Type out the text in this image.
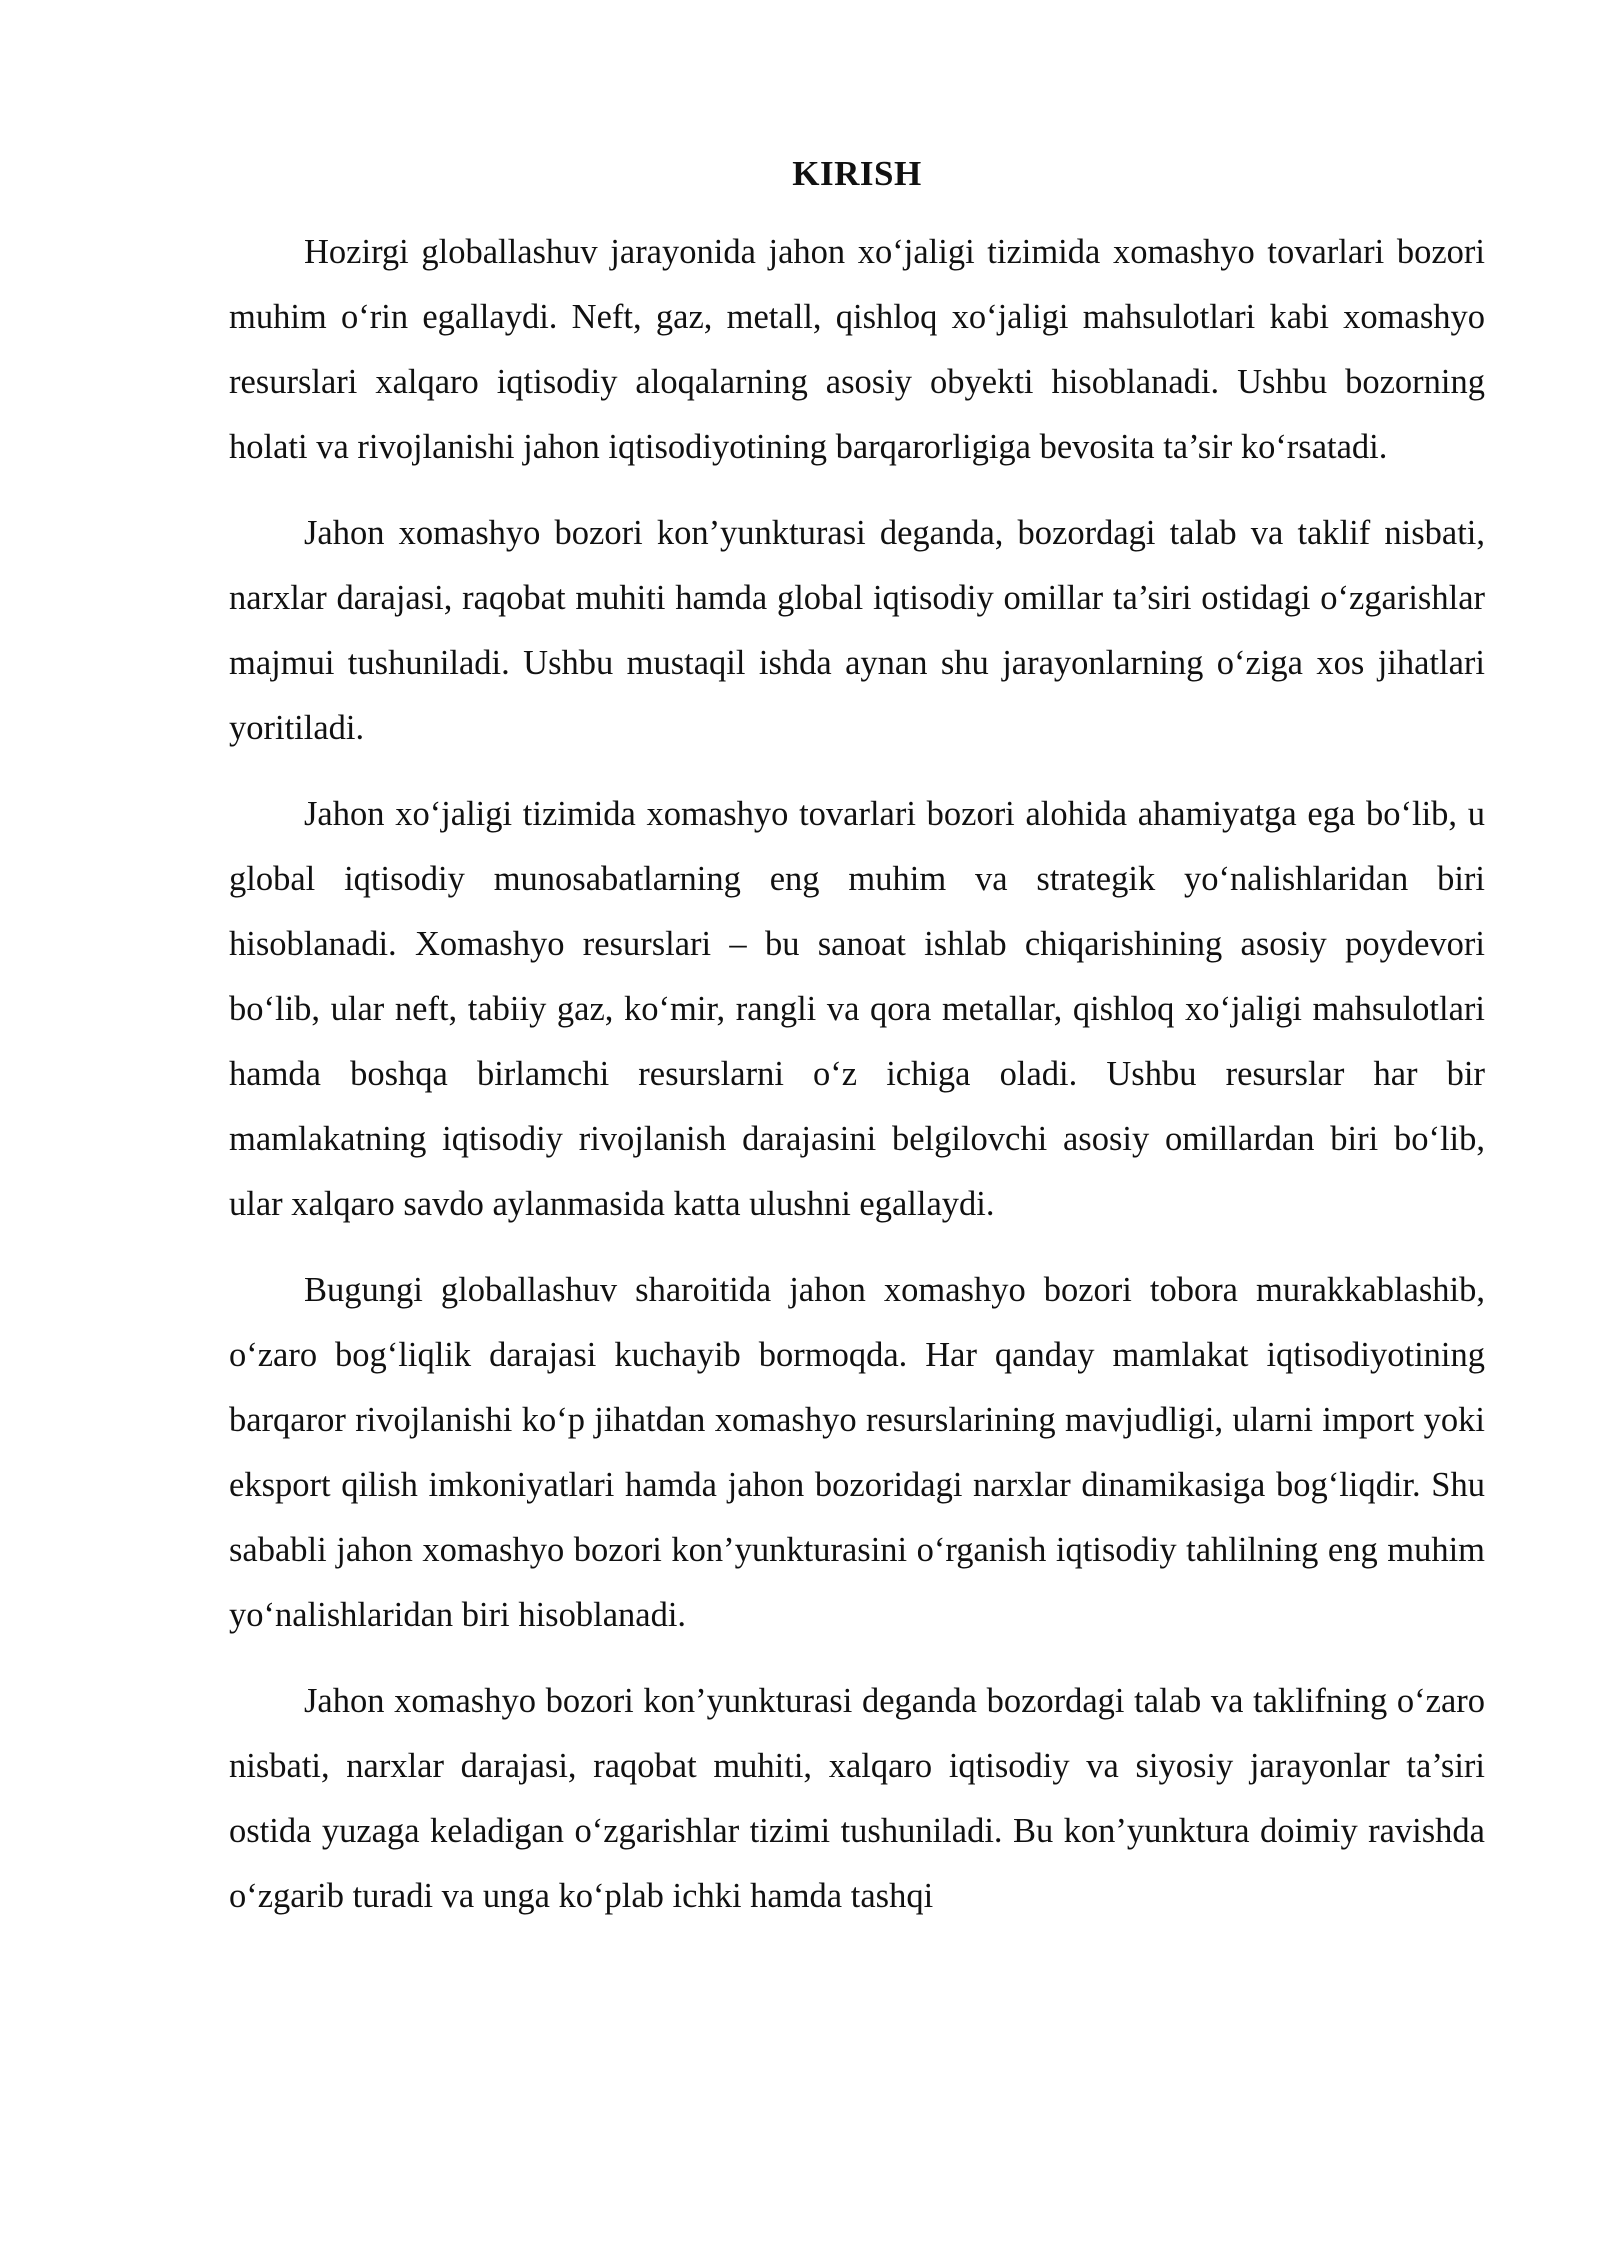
KIRISH

Hozirgi globallashuv jarayonida jahon xo‘jaligi tizimida xomashyo tovarlari bozori muhim o‘rin egallaydi. Neft, gaz, metall, qishloq xo‘jaligi mahsulotlari kabi xomashyo resurslari xalqaro iqtisodiy aloqalarning asosiy obyekti hisoblanadi. Ushbu bozorning holati va rivojlanishi jahon iqtisodiyotining barqarorligiga bevosita ta’sir ko‘rsatadi.

Jahon xomashyo bozori kon’yunkturasi deganda, bozordagi talab va taklif nisbati, narxlar darajasi, raqobat muhiti hamda global iqtisodiy omillar ta’siri ostidagi o‘zgarishlar majmui tushuniladi. Ushbu mustaqil ishda aynan shu jarayonlarning o‘ziga xos jihatlari yoritiladi.

Jahon xo‘jaligi tizimida xomashyo tovarlari bozori alohida ahamiyatga ega bo‘lib, u global iqtisodiy munosabatlarning eng muhim va strategik yo‘nalishlaridan biri hisoblanadi. Xomashyo resurslari – bu sanoat ishlab chiqarishining asosiy poydevori bo‘lib, ular neft, tabiiy gaz, ko‘mir, rangli va qora metallar, qishloq xo‘jaligi mahsulotlari hamda boshqa birlamchi resurslarni o‘z ichiga oladi. Ushbu resurslar har bir mamlakatning iqtisodiy rivojlanish darajasini belgilovchi asosiy omillardan biri bo‘lib, ular xalqaro savdo aylanmasida katta ulushni egallaydi.

Bugungi globallashuv sharoitida jahon xomashyo bozori tobora murakkablashib, o‘zaro bog‘liqlik darajasi kuchayib bormoqda. Har qanday mamlakat iqtisodiyotining barqaror rivojlanishi ko‘p jihatdan xomashyo resurslarining mavjudligi, ularni import yoki eksport qilish imkoniyatlari hamda jahon bozoridagi narxlar dinamikasiga bog‘liqdir. Shu sababli jahon xomashyo bozori kon’yunkturasini o‘rganish iqtisodiy tahlilning eng muhim yo‘nalishlaridan biri hisoblanadi.

Jahon xomashyo bozori kon’yunkturasi deganda bozordagi talab va taklifning o‘zaro nisbati, narxlar darajasi, raqobat muhiti, xalqaro iqtisodiy va siyosiy jarayonlar ta’siri ostida yuzaga keladigan o‘zgarishlar tizimi tushuniladi. Bu kon’yunktura doimiy ravishda o‘zgarib turadi va unga ko‘plab ichki hamda tashqi
